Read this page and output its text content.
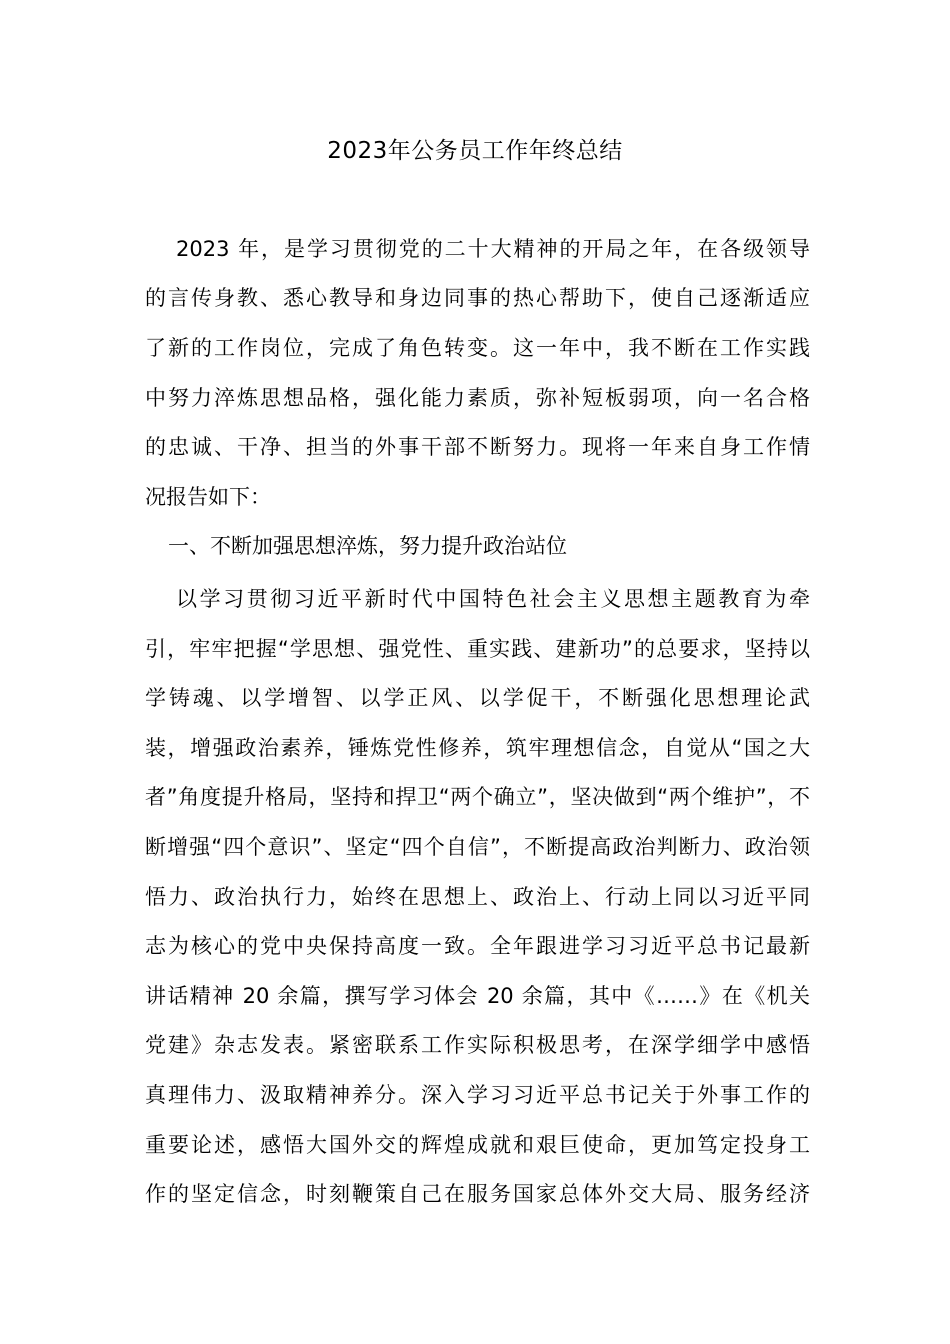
2023年公务员工作年终总结
2023 年，是学习贯彻党的二十大精神的开局之年，在各级领导
的言传身教、悉心教导和身边同事的热心帮助下，使自己逐渐适应
了新的工作岗位，完成了角色转变。这一年中，我不断在工作实践
中努力淬炼思想品格，强化能力素质，弥补短板弱项，向一名合格
的忠诚、干净、担当的外事干部不断努力。现将一年来自身工作情
况报告如下：
一、不断加强思想淬炼，努力提升政治站位
以学习贯彻习近平新时代中国特色社会主义思想主题教育为牵
引，牢牢把握“学思想、强党性、重实践、建新功”的总要求，坚持以
学铸魂、以学增智、以学正风、以学促干，不断强化思想理论武
装，增强政治素养，锤炼党性修养，筑牢理想信念，自觉从“国之大
者”角度提升格局，坚持和捍卫“两个确立”，坚决做到“两个维护”，不
断增强“四个意识”、坚定“四个自信”，不断提高政治判断力、政治领
悟力、政治执行力，始终在思想上、政治上、行动上同以习近平同
志为核心的党中央保持高度一致。全年跟进学习习近平总书记最新
讲话精神 20 余篇，撰写学习体会 20 余篇，其中《……》在《机关
党建》杂志发表。紧密联系工作实际积极思考，在深学细学中感悟
真理伟力、汲取精神养分。深入学习习近平总书记关于外事工作的
重要论述，感悟大国外交的辉煌成就和艰巨使命，更加笃定投身工
作的坚定信念，时刻鞭策自己在服务国家总体外交大局、服务经济
